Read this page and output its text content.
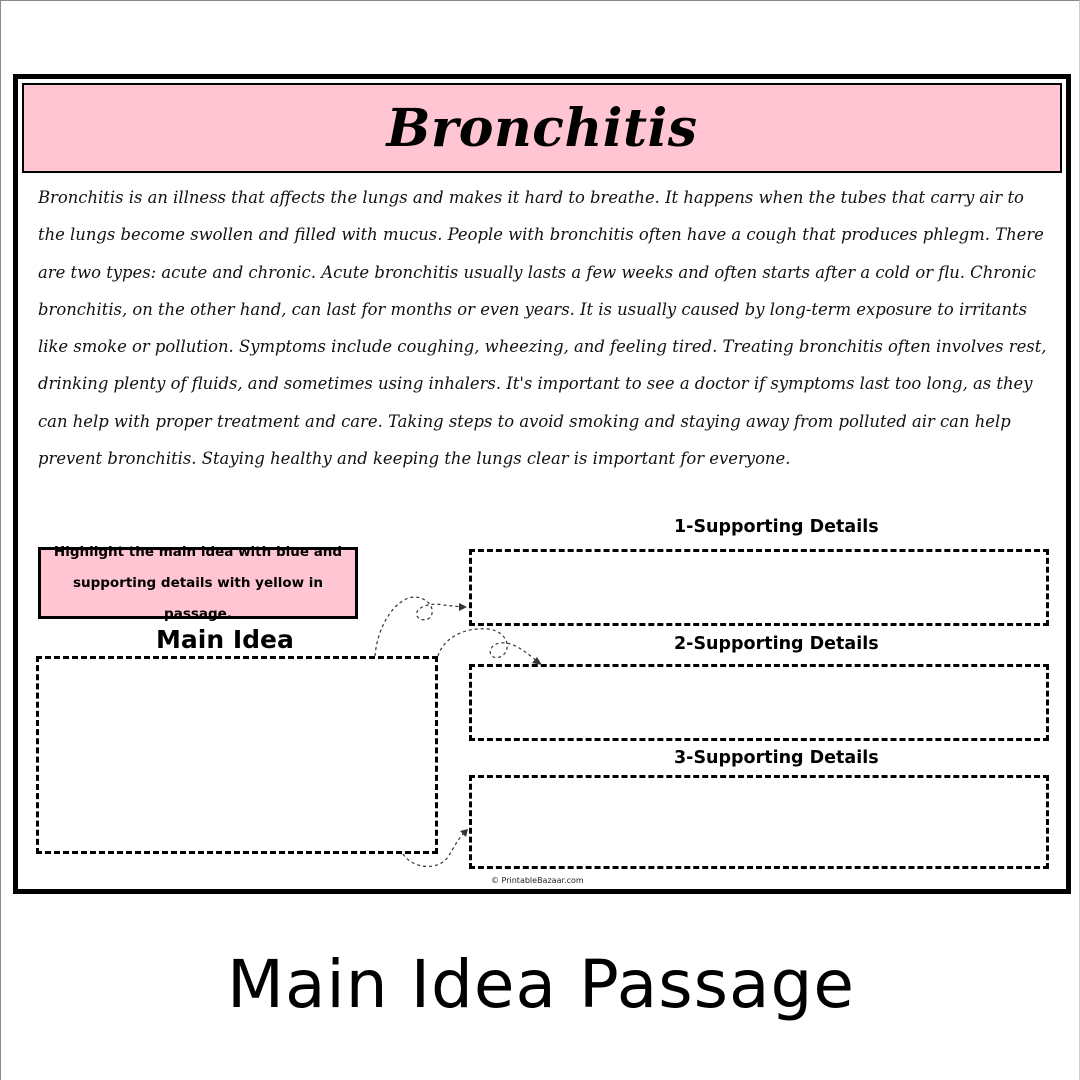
Bronchitis
Bronchitis is an illness that affects the lungs and makes it hard to breathe. It happens when the tubes that carry air to the lungs become swollen and filled with mucus. People with bronchitis often have a cough that produces phlegm. There are two types: acute and chronic. Acute bronchitis usually lasts a few weeks and often starts after a cold or flu. Chronic bronchitis, on the other hand, can last for months or even years. It is usually caused by long-term exposure to irritants like smoke or pollution. Symptoms include coughing, wheezing, and feeling tired. Treating bronchitis often involves rest, drinking plenty of fluids, and sometimes using inhalers. It's important to see a doctor if symptoms last too long, as they can help with proper treatment and care. Taking steps to avoid smoking and staying away from polluted air can help prevent bronchitis. Staying healthy and keeping the lungs clear is important for everyone.
Highlight the main idea with blue and
supporting details with yellow in passage.
Main Idea
1-Supporting Details
2-Supporting Details
3-Supporting Details
© PrintableBazaar.com
Main Idea Passage
